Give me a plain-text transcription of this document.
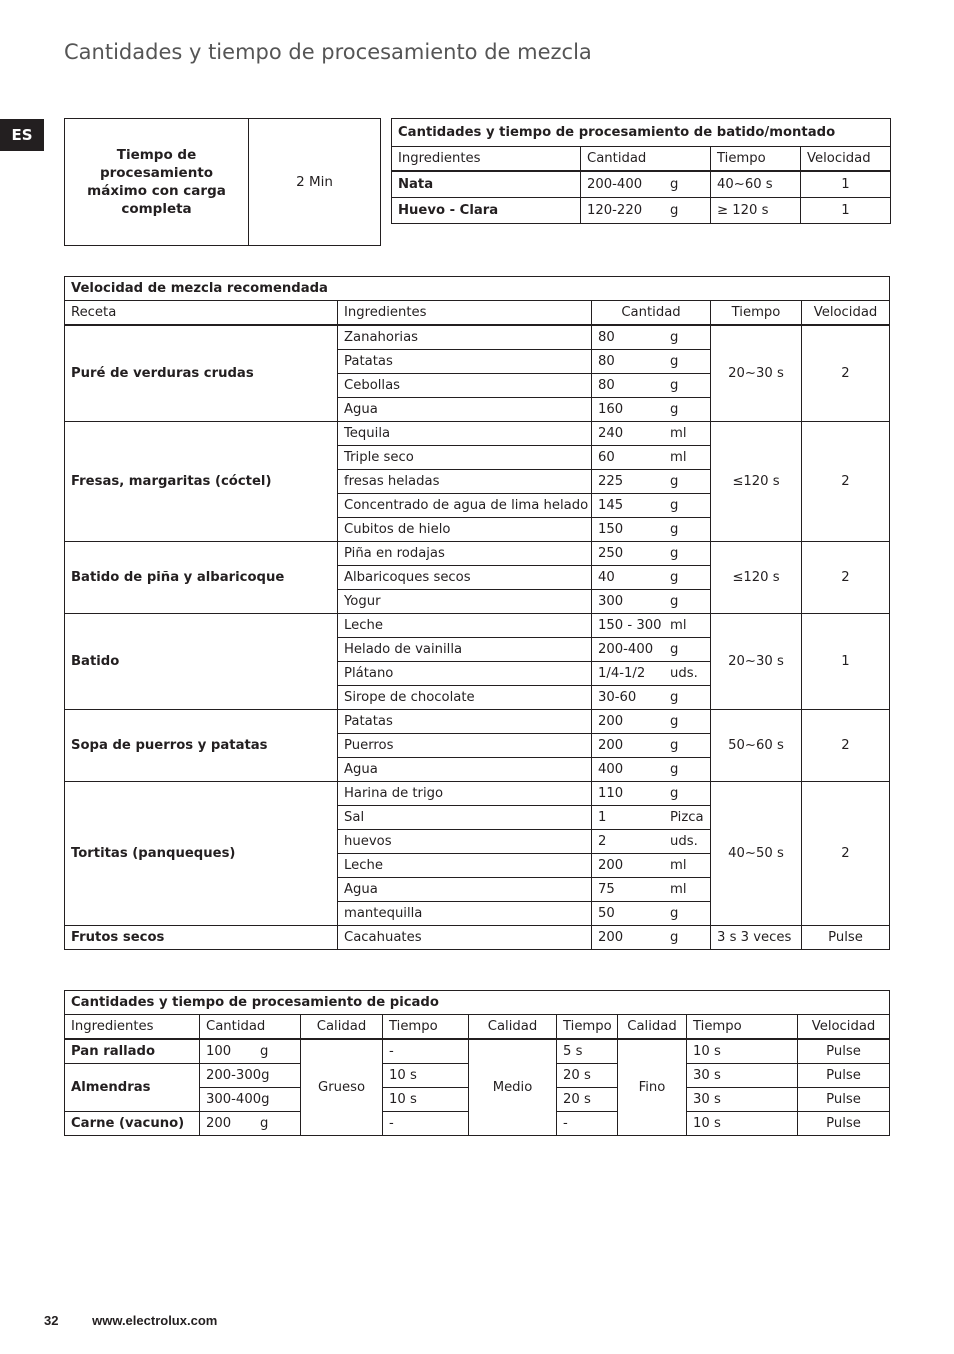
Cantidades y tiempo de procesamiento de mezcla
ES
Tiempo de procesamiento máximo con carga completa	2 Min
Cantidades y tiempo de procesamiento de batido/montado			
Ingredientes	Cantidad	Tiempo	Velocidad
Nata	200-400 g	40~60 s	1
Huevo - Clara	120-220 g	≥ 120 s	1
Velocidad de mezcla recomendada				
Receta	Ingredientes	Cantidad	Tiempo	Velocidad
Puré de verduras crudas	Zanahorias	80 g	20~30 s	2
	Patatas	80 g		

	Cebollas	80 g		

	Agua	160 g		

Fresas, margaritas (cóctel)	Tequila	240 ml	≤120 s	2
	Triple seco	60 ml		

	fresas heladas	225 g		

	Concentrado de agua de lima helado	145 g		

	Cubitos de hielo	150 g		

Batido de piña y albaricoque	Piña en rodajas	250 g	≤120 s	2
	Albaricoques secos	40 g		

	Yogur	300 g		

Batido	Leche	150 - 300 ml	20~30 s	1
	Helado de vainilla	200-400 g		

	Plátano	1/4-1/2 uds.		

	Sirope de chocolate	30-60 g		

Sopa de puerros y patatas	Patatas	200 g	50~60 s	2
	Puerros	200 g		

	Agua	400 g		

Tortitas (panqueques)	Harina de trigo	110 g	40~50 s	2
	Sal	1 Pizca		

	huevos	2 uds.		

	Leche	200 ml		

	Agua	75 ml		

	mantequilla	50 g		

Frutos secos	Cacahuates	200 g	3 s 3 veces	Pulse
Cantidades y tiempo de procesamiento de picado								
Ingredientes	Cantidad	Calidad	Tiempo	Calidad	Tiempo	Calidad	Tiempo	Velocidad
Pan rallado	100 g	Grueso	-	Medio	5 s	Fino	10 s	Pulse
Almendras	200-300 g		10 s		20 s		30 s	Pulse

	300-400 g		10 s		20 s		30 s	Pulse
Carne (vacuno)	200 g		-		-		10 s	Pulse
32	www.electrolux.com
